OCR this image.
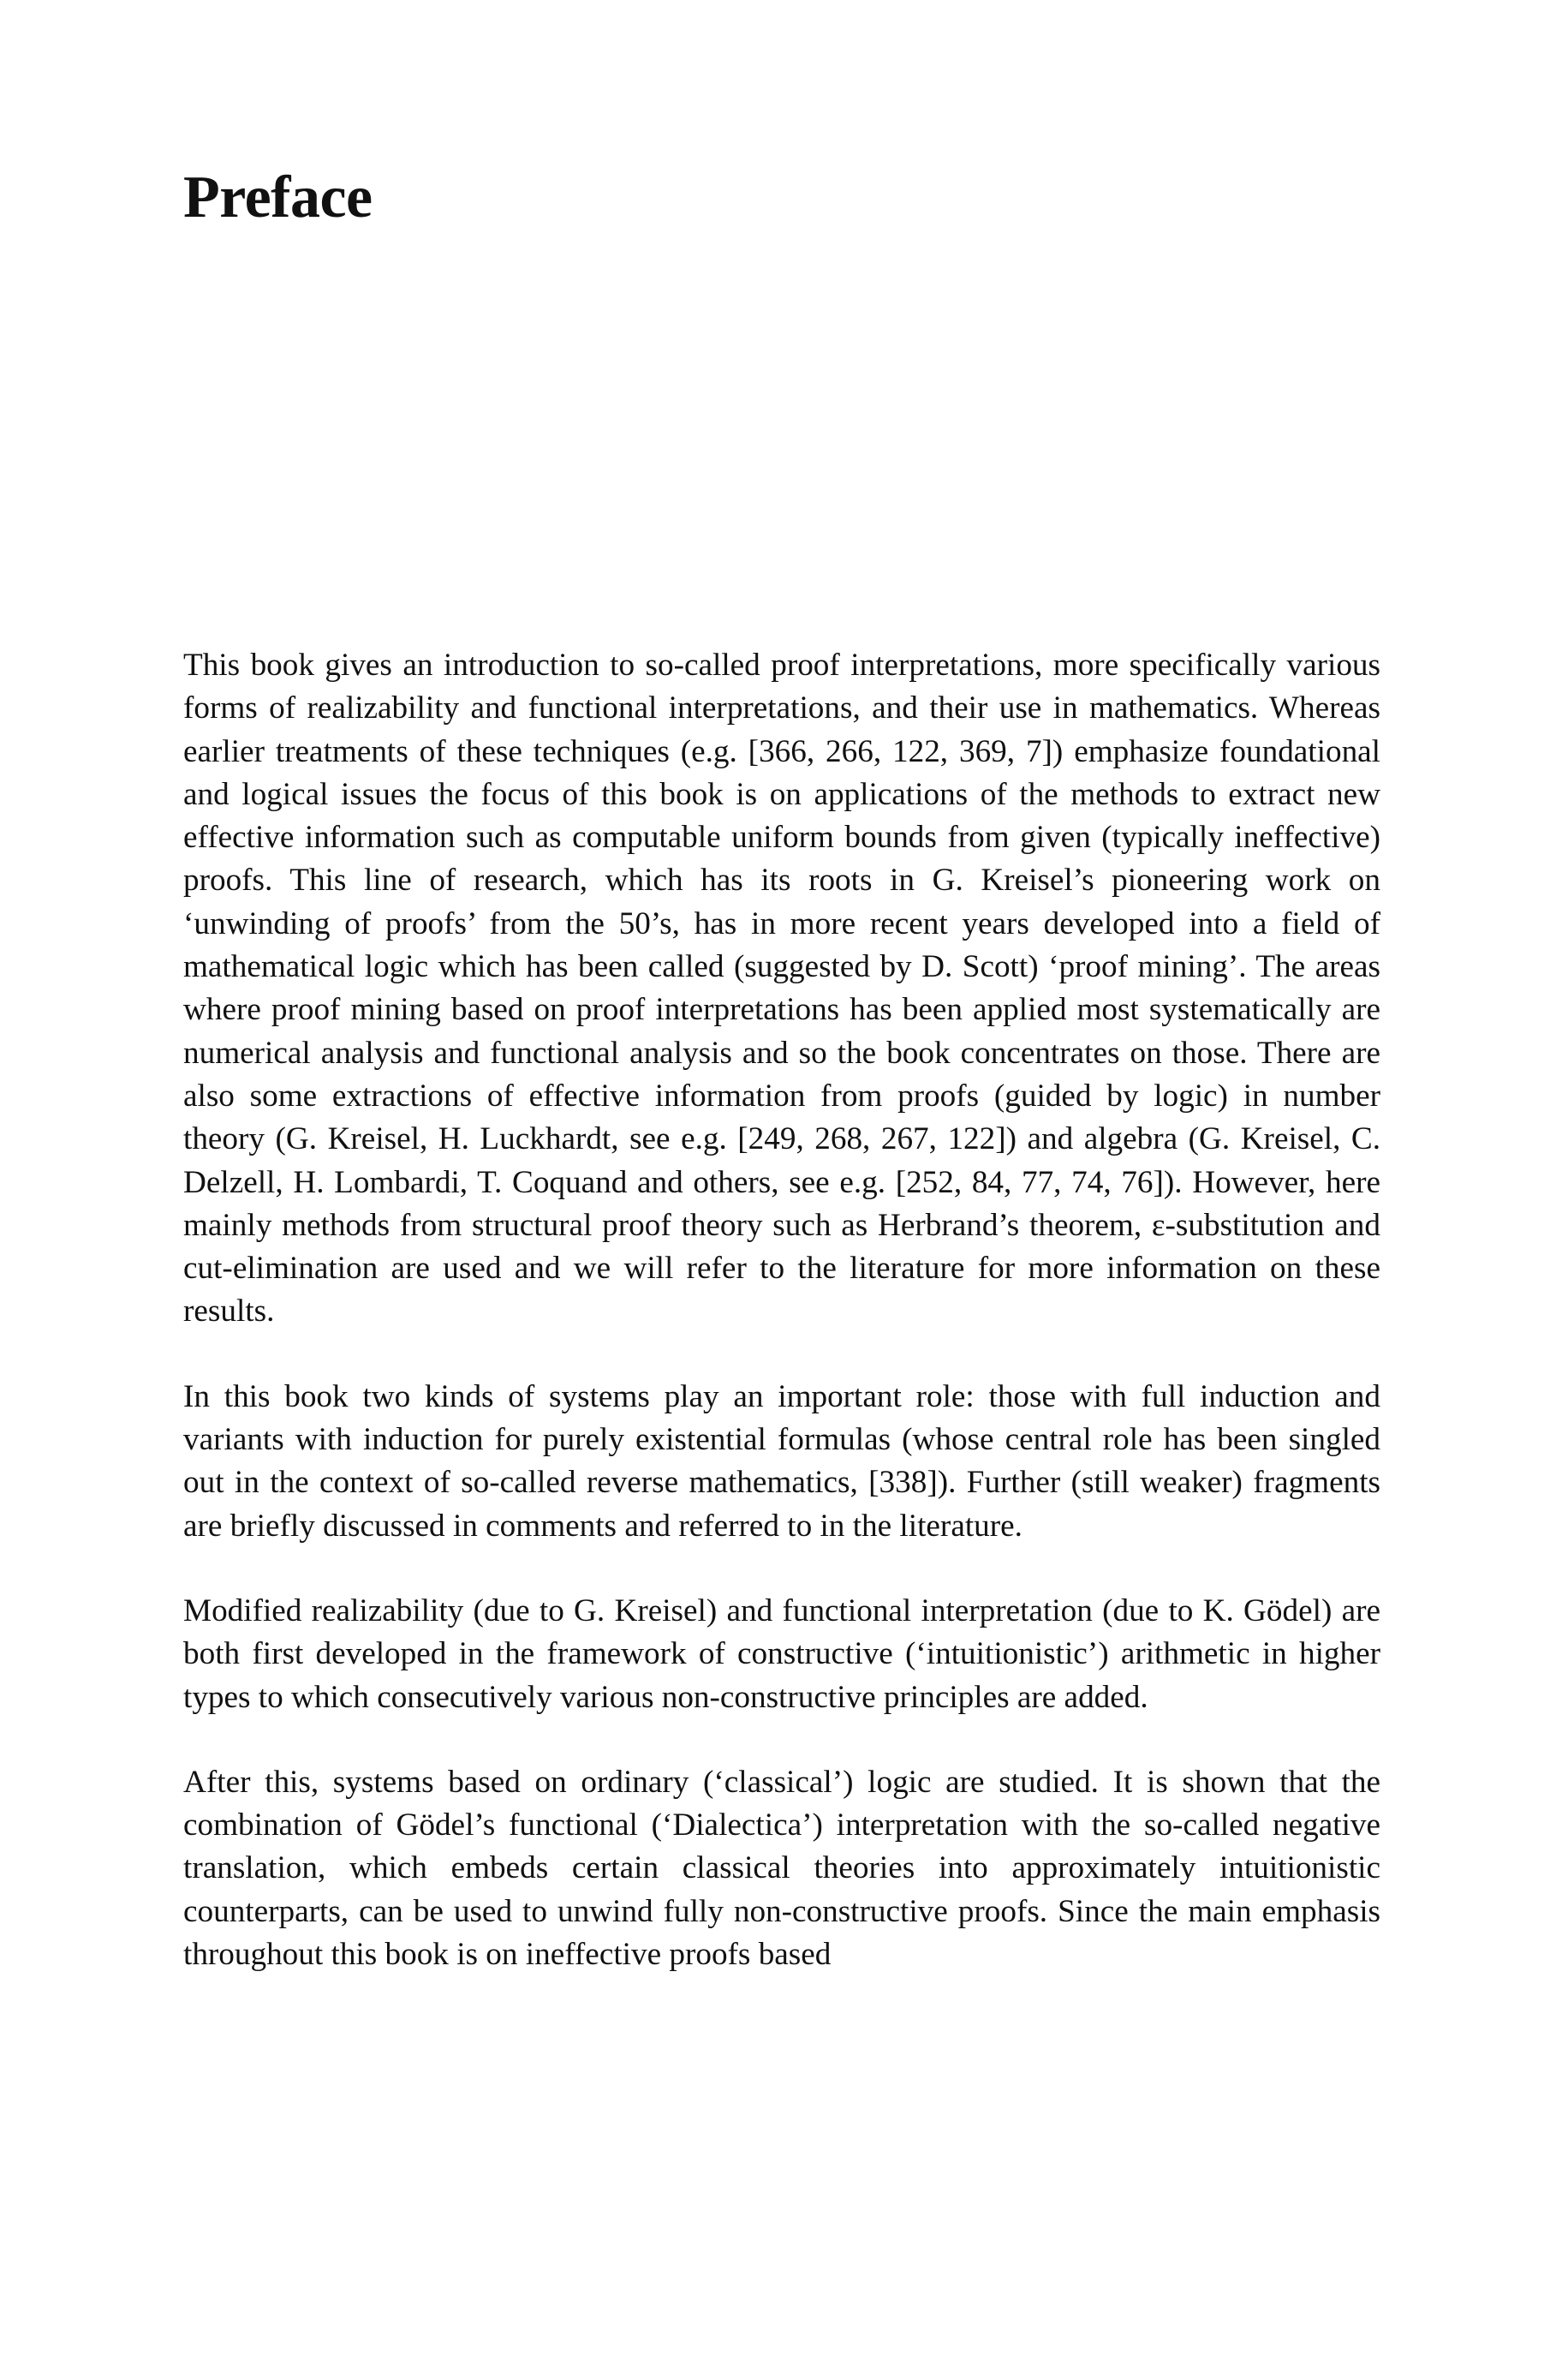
Preface

This book gives an introduction to so-called proof interpretations, more specifically various forms of realizability and functional interpretations, and their use in mathematics. Whereas earlier treatments of these techniques (e.g. [366, 266, 122, 369, 7]) emphasize foundational and logical issues the focus of this book is on applications of the methods to extract new effective information such as computable uniform bounds from given (typically ineffective) proofs. This line of research, which has its roots in G. Kreisel’s pioneering work on ‘unwinding of proofs’ from the 50’s, has in more recent years developed into a field of mathematical logic which has been called (suggested by D. Scott) ‘proof mining’. The areas where proof mining based on proof interpretations has been applied most systematically are numerical analysis and functional analysis and so the book concentrates on those. There are also some extractions of effective information from proofs (guided by logic) in number theory (G. Kreisel, H. Luckhardt, see e.g. [249, 268, 267, 122]) and algebra (G. Kreisel, C. Delzell, H. Lombardi, T. Coquand and others, see e.g. [252, 84, 77, 74, 76]). However, here mainly methods from structural proof theory such as Herbrand’s theorem, ε-substitution and cut-elimination are used and we will refer to the literature for more information on these results.

In this book two kinds of systems play an important role: those with full induction and variants with induction for purely existential formulas (whose central role has been singled out in the context of so-called reverse mathematics, [338]). Further (still weaker) fragments are briefly discussed in comments and referred to in the literature.

Modified realizability (due to G. Kreisel) and functional interpretation (due to K. Gödel) are both first developed in the framework of constructive (‘intuitionistic’) arithmetic in higher types to which consecutively various non-constructive principles are added.

After this, systems based on ordinary (‘classical’) logic are studied. It is shown that the combination of Gödel’s functional (‘Dialectica’) interpretation with the so-called negative translation, which embeds certain classical theories into approximately intuitionistic counterparts, can be used to unwind fully non-constructive proofs. Since the main emphasis throughout this book is on ineffective proofs based
